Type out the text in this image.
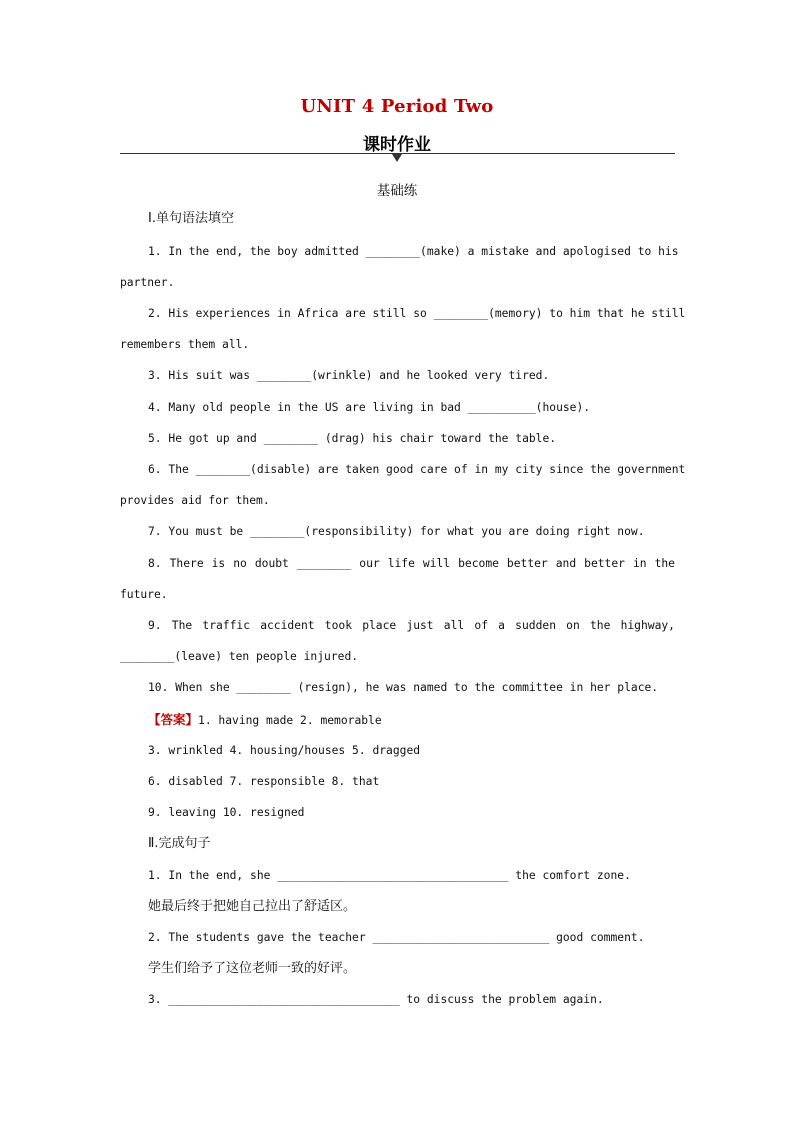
UNIT 4 Period Two
课时作业
基础练
Ⅰ.单句语法填空
1. In the end, the boy admitted ________(make) a mistake and apologised to his
partner.
2. His experiences in Africa are still so ________(memory) to him that he still
remembers them all.
3. His suit was ________(wrinkle) and he looked very tired.
4. Many old people in the US are living in bad __________(house).
5. He got up and ________ (drag) his chair toward the table.
6. The ________(disable) are taken good care of in my city since the government
provides aid for them.
7. You must be ________(responsibility) for what you are doing right now.
8. There is no doubt ________ our life will become better and better in the
future.
9. The traffic accident took place just all of a sudden on the highway,
________(leave) ten people injured.
10. When she ________ (resign), he was named to the committee in her place.
【答案】1. having made 2. memorable
3. wrinkled 4. housing/houses 5. dragged
6. disabled 7. responsible 8. that
9. leaving 10. resigned
Ⅱ.完成句子
1. In the end, she __________________________________ the comfort zone.
她最后终于把她自己拉出了舒适区。
2. The students gave the teacher __________________________ good comment.
学生们给予了这位老师一致的好评。
3. __________________________________ to discuss the problem again.
